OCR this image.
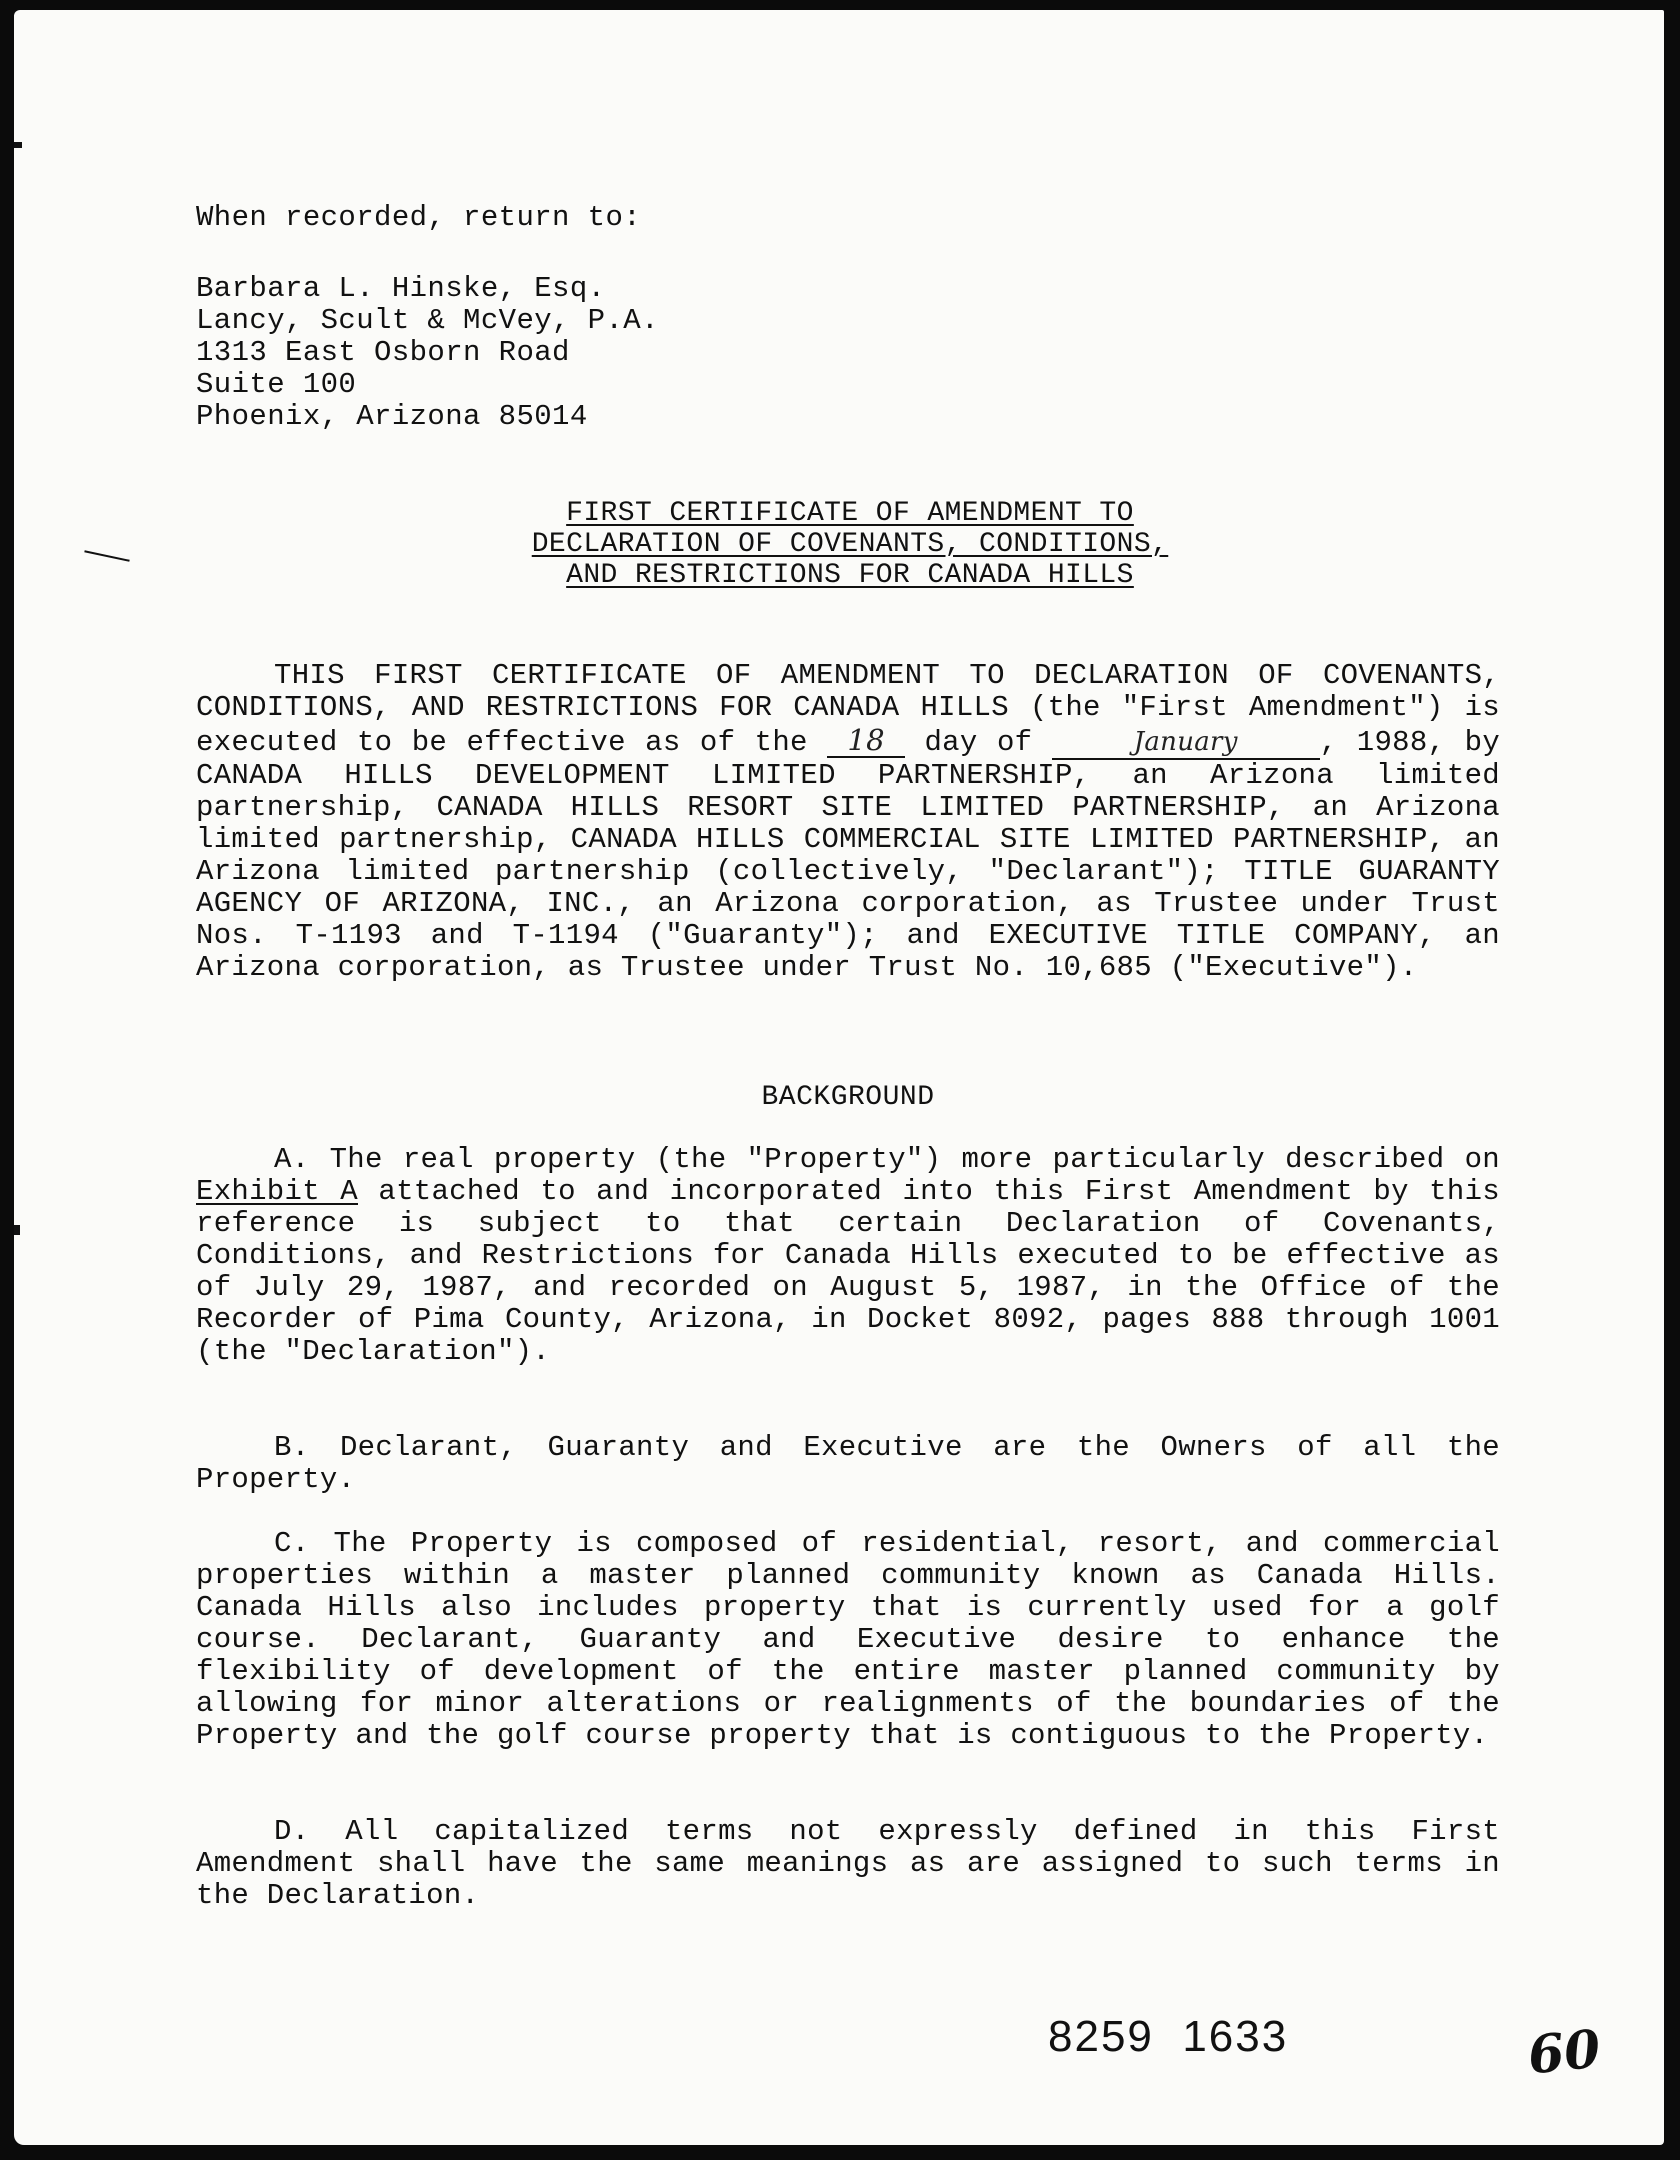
When recorded, return to:
Barbara L. Hinske, Esq.
Lancy, Scult & McVey, P.A.
1313 East Osborn Road
Suite 100
Phoenix, Arizona 85014
FIRST CERTIFICATE OF AMENDMENT TO
DECLARATION OF COVENANTS, CONDITIONS,
AND RESTRICTIONS FOR CANADA HILLS
THIS FIRST CERTIFICATE OF AMENDMENT TO DECLARATION OF COVENANTS, CONDITIONS, AND RESTRICTIONS FOR CANADA HILLS (the "First Amendment") is executed to be effective as of the 18 day of	January	, 1988, by CANADA HILLS DEVELOPMENT LIMITED PARTNERSHIP, an Arizona limited partnership, CANADA HILLS RESORT SITE LIMITED PARTNERSHIP, an Arizona limited partnership, CANADA HILLS COMMERCIAL SITE LIMITED PARTNERSHIP, an Arizona limited partnership (collectively, "Declarant"); TITLE GUARANTY AGENCY OF ARIZONA, INC., an Arizona corporation, as Trustee under Trust Nos. T-1193 and T-1194 ("Guaranty"); and EXECUTIVE TITLE COMPANY, an Arizona corporation, as Trustee under Trust No. 10,685 ("Executive").
BACKGROUND
A. The real property (the "Property") more particularly described on Exhibit A attached to and incorporated into this First Amendment by this reference is subject to that certain Declaration of Covenants, Conditions, and Restrictions for Canada Hills executed to be effective as of July 29, 1987, and recorded on August 5, 1987, in the Office of the Recorder of Pima County, Arizona, in Docket 8092, pages 888 through 1001 (the "Declaration").
B. Declarant, Guaranty and Executive are the Owners of all the Property.
C. The Property is composed of residential, resort, and commercial properties within a master planned community known as Canada Hills. Canada Hills also includes property that is currently used for a golf course. Declarant, Guaranty and Executive desire to enhance the flexibility of development of the entire master planned community by allowing for minor alterations or realignments of the boundaries of the Property and the golf course property that is contiguous to the Property.
D. All capitalized terms not expressly defined in this First Amendment shall have the same meanings as are assigned to such terms in the Declaration.
8259  1633	60
